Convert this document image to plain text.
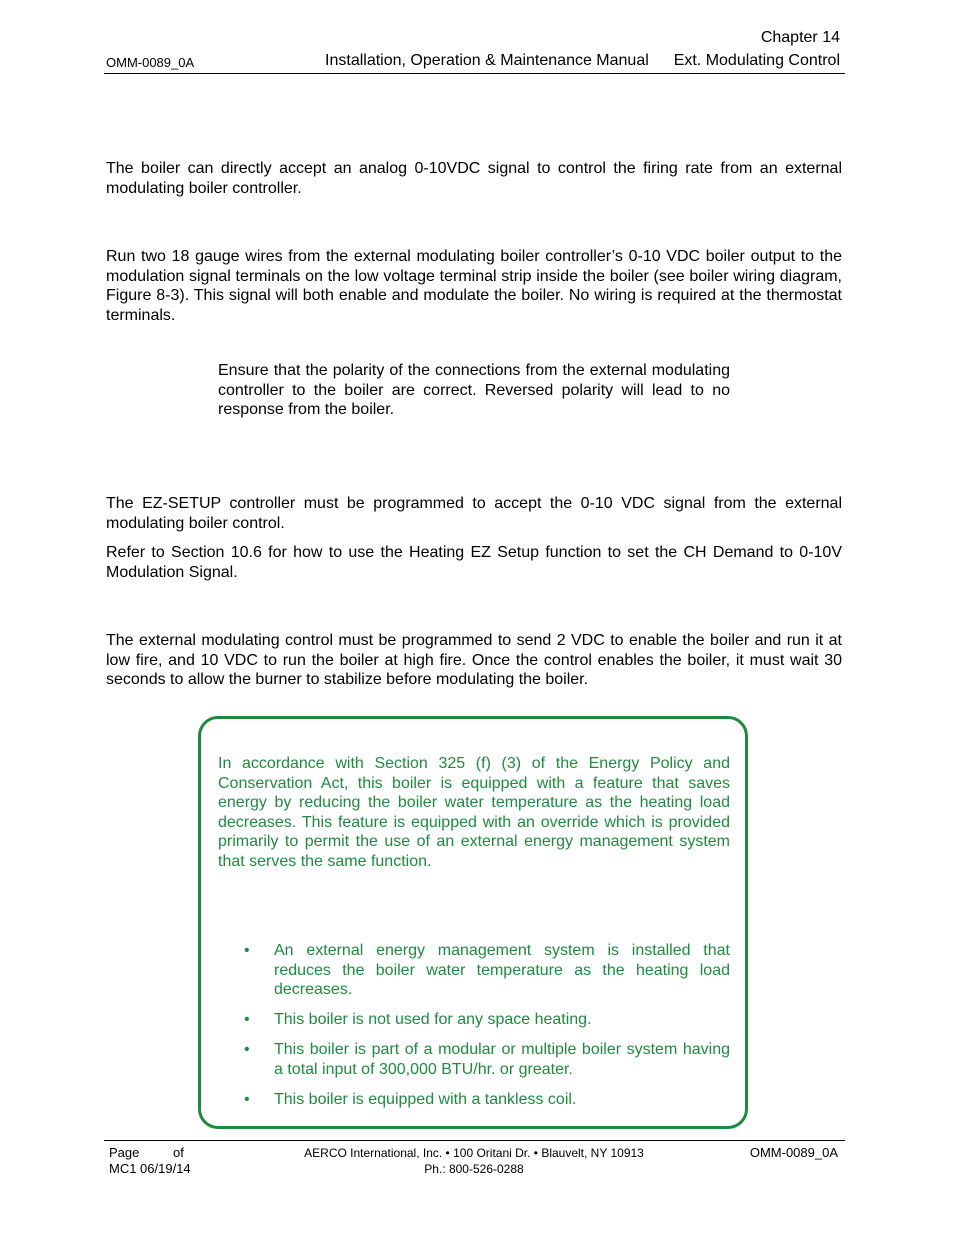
Chapter 14
OMM-0089_0A	Installation, Operation & Maintenance Manual Ext. Modulating Control

The boiler can directly accept an analog 0-10VDC signal to control the firing rate from an external modulating boiler controller.

Run two 18 gauge wires from the external modulating boiler controller’s 0-10 VDC boiler output to the modulation signal terminals on the low voltage terminal strip inside the boiler (see boiler wiring diagram, Figure 8-3). This signal will both enable and modulate the boiler. No wiring is required at the thermostat terminals.

Ensure that the polarity of the connections from the external modulating controller to the boiler are correct. Reversed polarity will lead to no response from the boiler.

The EZ-SETUP controller must be programmed to accept the 0-10 VDC signal from the external modulating boiler control.

Refer to Section 10.6 for how to use the Heating EZ Setup function to set the CH Demand to 0-10V Modulation Signal.

The external modulating control must be programmed to send 2 VDC to enable the boiler and run it at low fire, and 10 VDC to run the boiler at high fire. Once the control enables the boiler, it must wait 30 seconds to allow the burner to stabilize before modulating the boiler.

In accordance with Section 325 (f) (3) of the Energy Policy and Conservation Act, this boiler is equipped with a feature that saves energy by reducing the boiler water temperature as the heating load decreases. This feature is equipped with an override which is provided primarily to permit the use of an external energy management system that serves the same function.

•	An external energy management system is installed that reduces the boiler water temperature as the heating load decreases.
•	This boiler is not used for any space heating.
•	This boiler is part of a modular or multiple boiler system having a total input of 300,000 BTU/hr. or greater.
•	This boiler is equipped with a tankless coil.
Page	of
MC1 06/19/14
AERCO International, Inc. • 100 Oritani Dr. • Blauvelt, NY 10913
Ph.: 800-526-0288
OMM-0089_0A
